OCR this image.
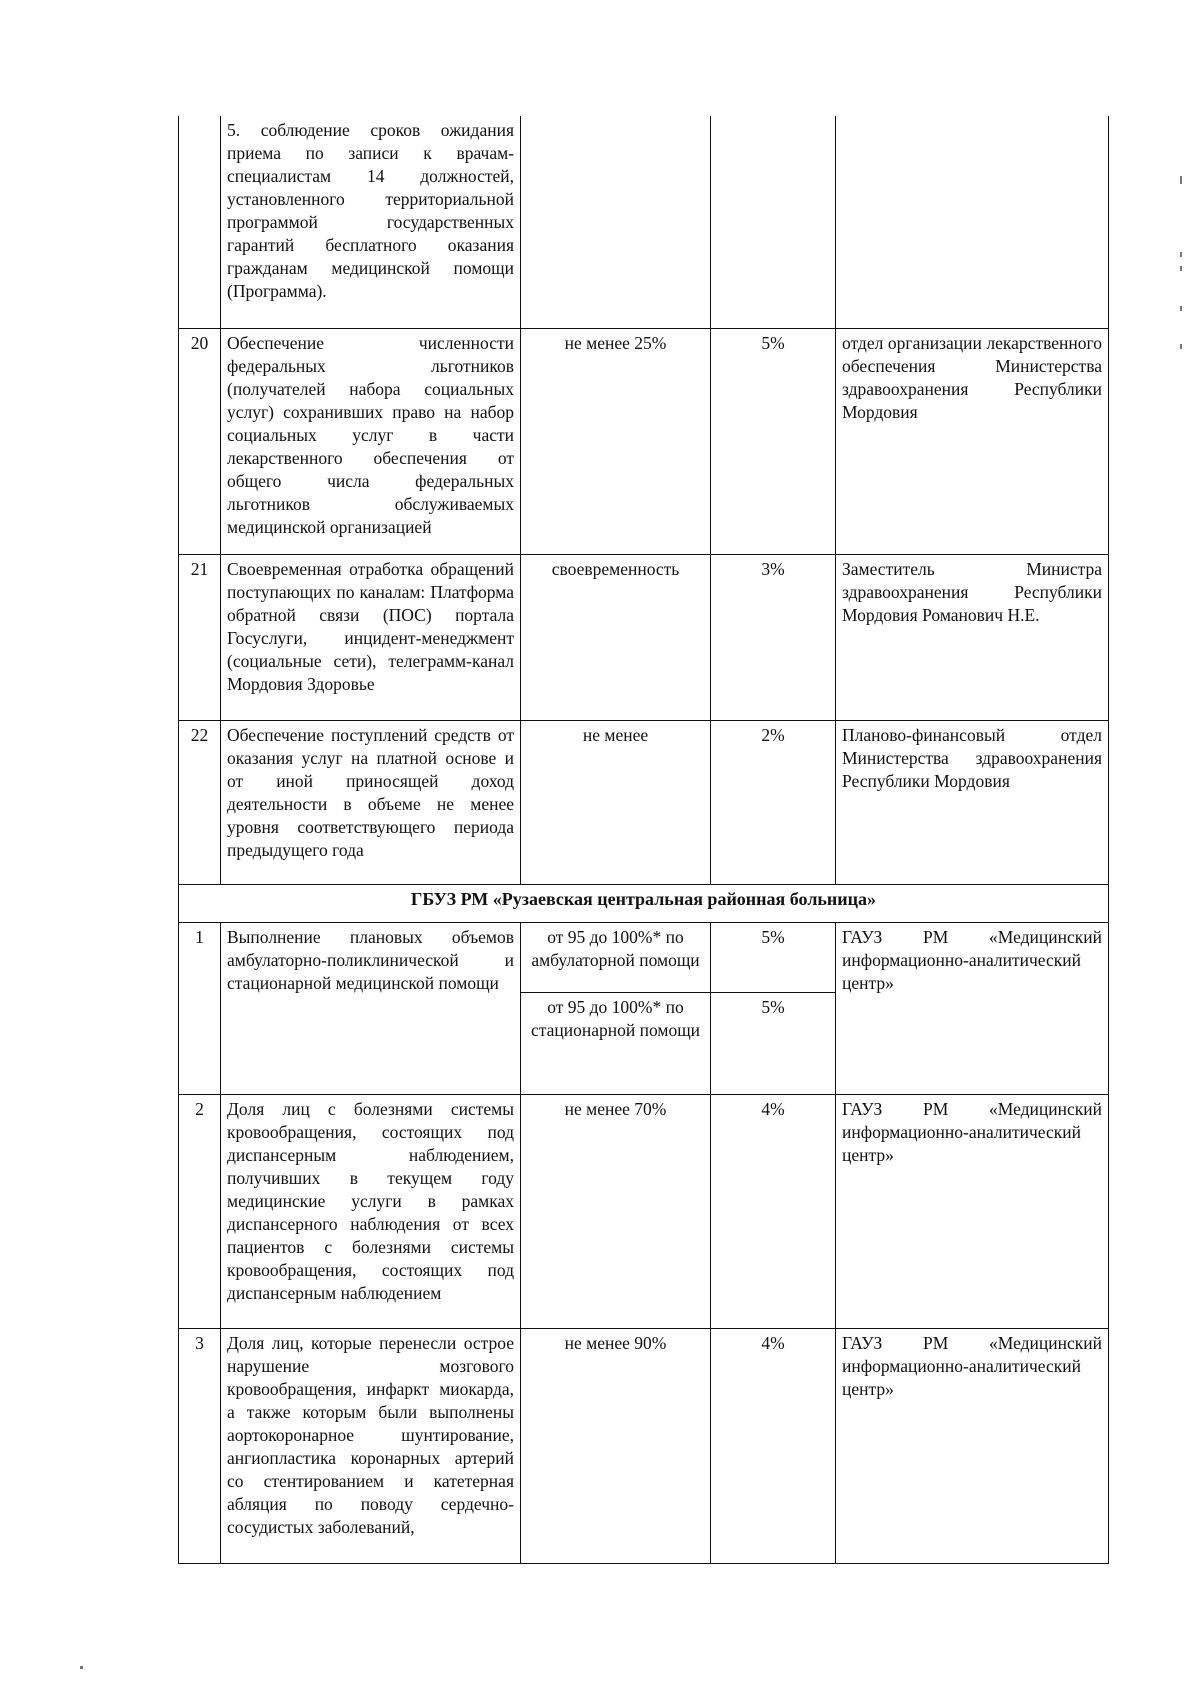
	5. соблюдение сроков ожидания приема по записи к врачам-специалистам 14 должностей, установленного территориальной программой государственных гарантий бесплатного оказания гражданам медицинской помощи (Программа).			
20	Обеспечение численности федеральных льготников (получателей набора социальных услуг) сохранивших право на набор социальных услуг в части лекарственного обеспечения от общего числа федеральных льготников обслуживаемых медицинской организацией	не менее 25%	5%	отдел организации лекарственного обеспечения Министерства здравоохранения Республики Мордовия
21	Своевременная отработка обращений поступающих по каналам: Платформа обратной связи (ПОС) портала Госуслуги, инцидент-менеджмент (социальные сети), телеграмм-канал Мордовия Здоровье	своевременность	3%	Заместитель Министра здравоохранения Республики Мордовия Романович Н.Е.
22	Обеспечение поступлений средств от оказания услуг на платной основе и от иной приносящей доход деятельности в объеме не менее уровня соответствующего периода предыдущего года	не менее	2%	Планово-финансовый отдел Министерства здравоохранения Республики Мордовия
ГБУЗ РМ «Рузаевская центральная районная больница»				
1	Выполнение плановых объемов амбулаторно-поликлинической и стационарной медицинской помощи	от 95 до 100%* по амбулаторной помощи	5%	ГАУЗ РМ «Медицинский информационно-аналитический центр»
		от 95 до 100%* по стационарной помощи	5%	
2	Доля лиц с болезнями системы кровообращения, состоящих под диспансерным наблюдением, получивших в текущем году медицинские услуги в рамках диспансерного наблюдения от всех пациентов с болезнями системы кровообращения, состоящих под диспансерным наблюдением	не менее 70%	4%	ГАУЗ РМ «Медицинский информационно-аналитический центр»
3	Доля лиц, которые перенесли острое нарушение мозгового кровообращения, инфаркт миокарда, а также которым были выполнены аортокоронарное шунтирование, ангиопластика коронарных артерий со стентированием и катетерная абляция по поводу сердечно-сосудистых заболеваний,	не менее 90%	4%	ГАУЗ РМ «Медицинский информационно-аналитический центр»
